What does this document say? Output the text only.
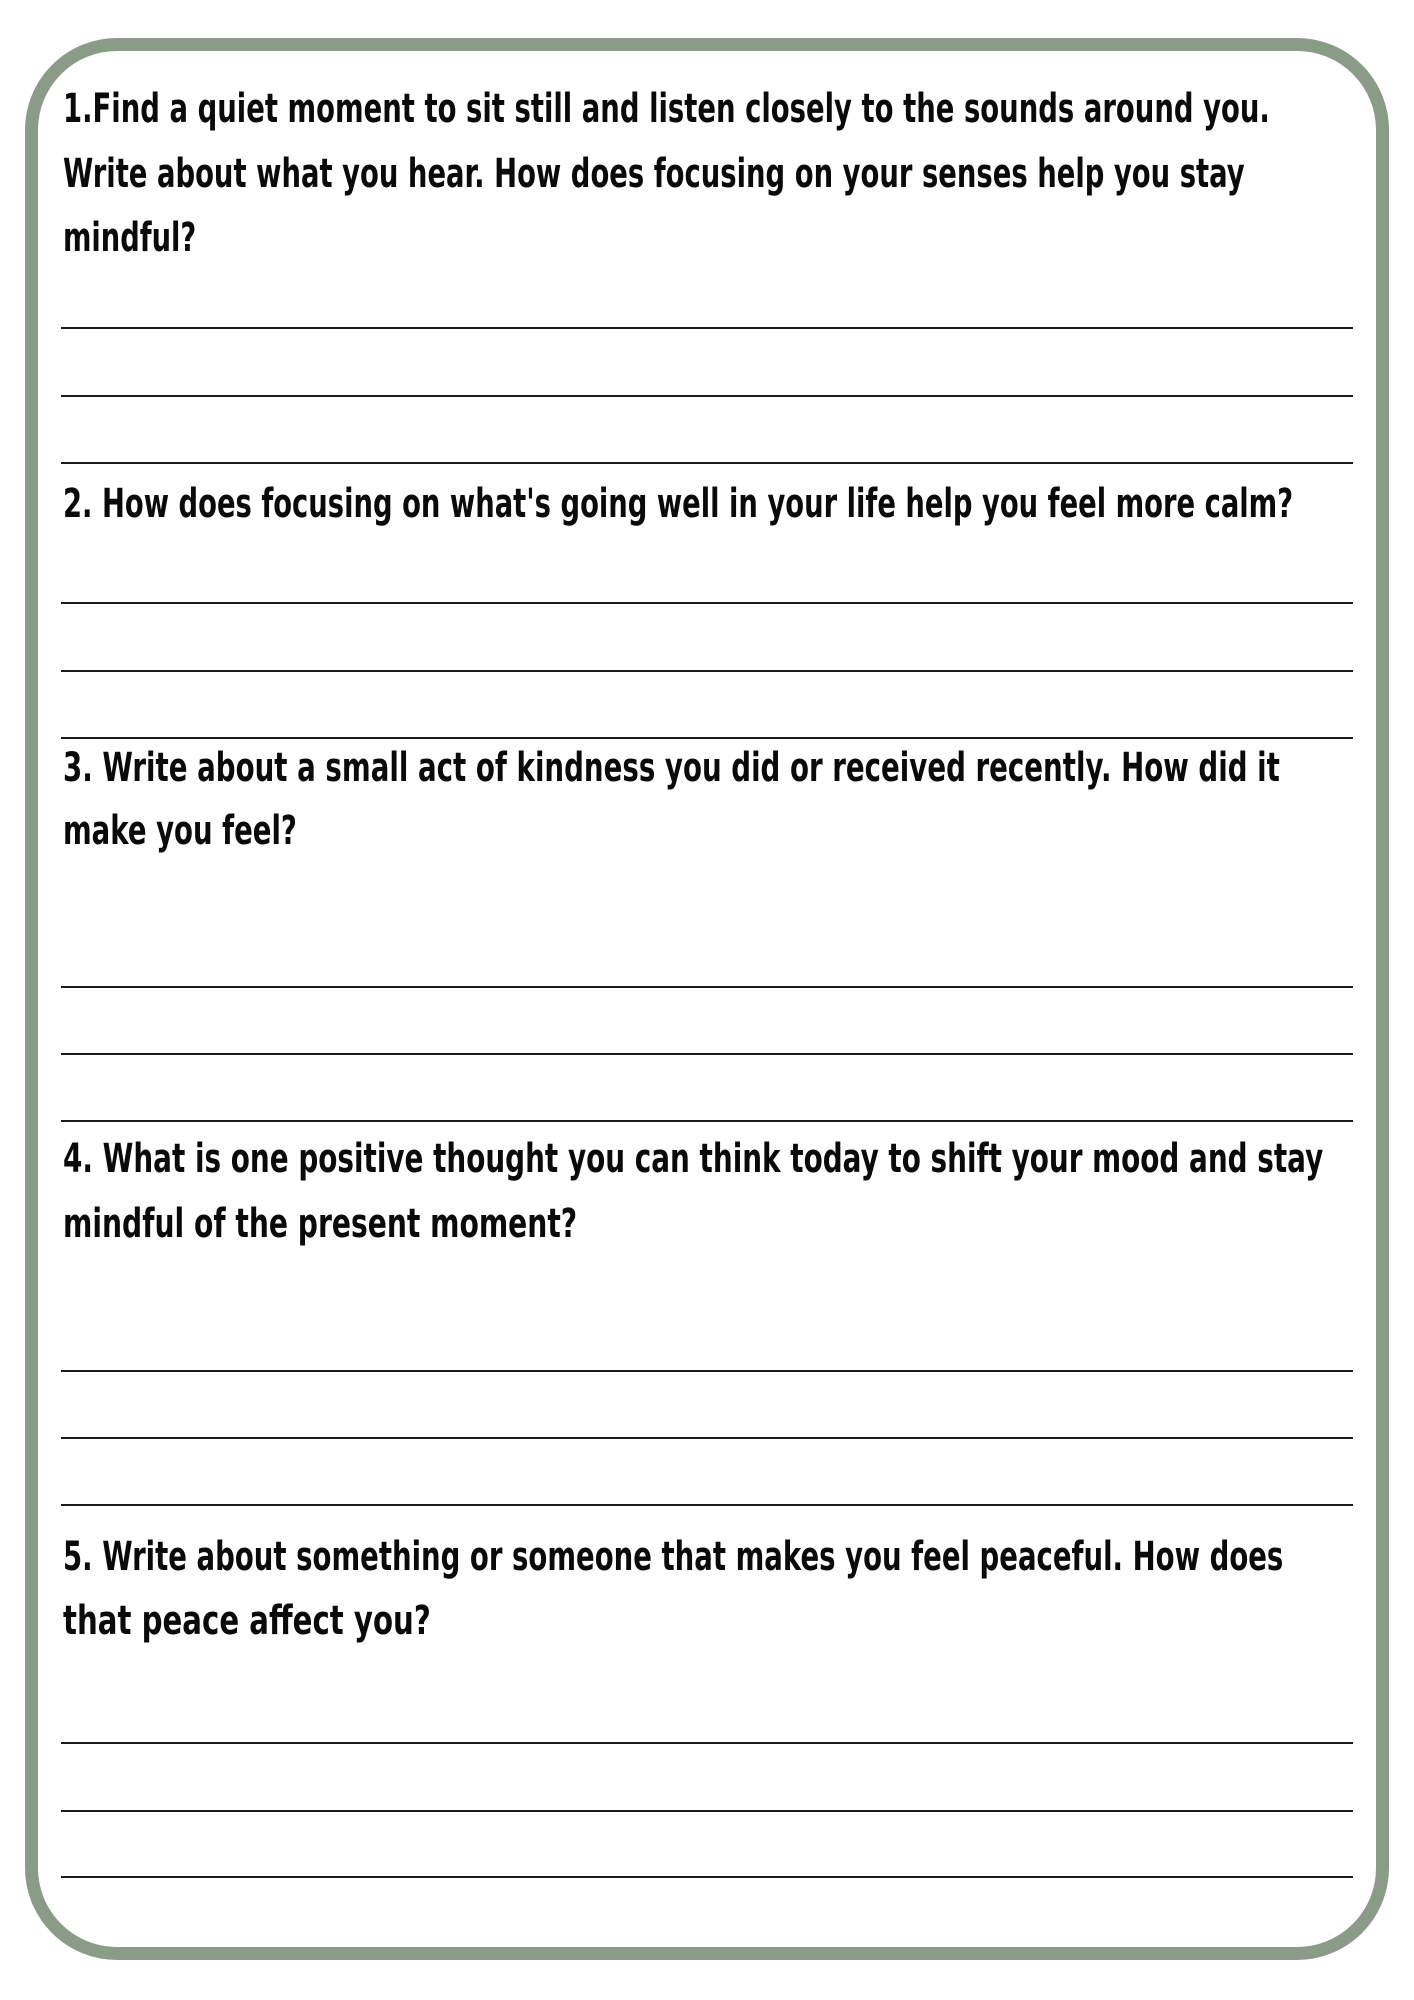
1.Find a quiet moment to sit still and listen closely to the sounds around you.
Write about what you hear. How does focusing on your senses help you stay
mindful?
2. How does focusing on what's going well in your life help you feel more calm?
3. Write about a small act of kindness you did or received recently. How did it
make you feel?
4. What is one positive thought you can think today to shift your mood and stay
mindful of the present moment?
5. Write about something or someone that makes you feel peaceful. How does
that peace affect you?
